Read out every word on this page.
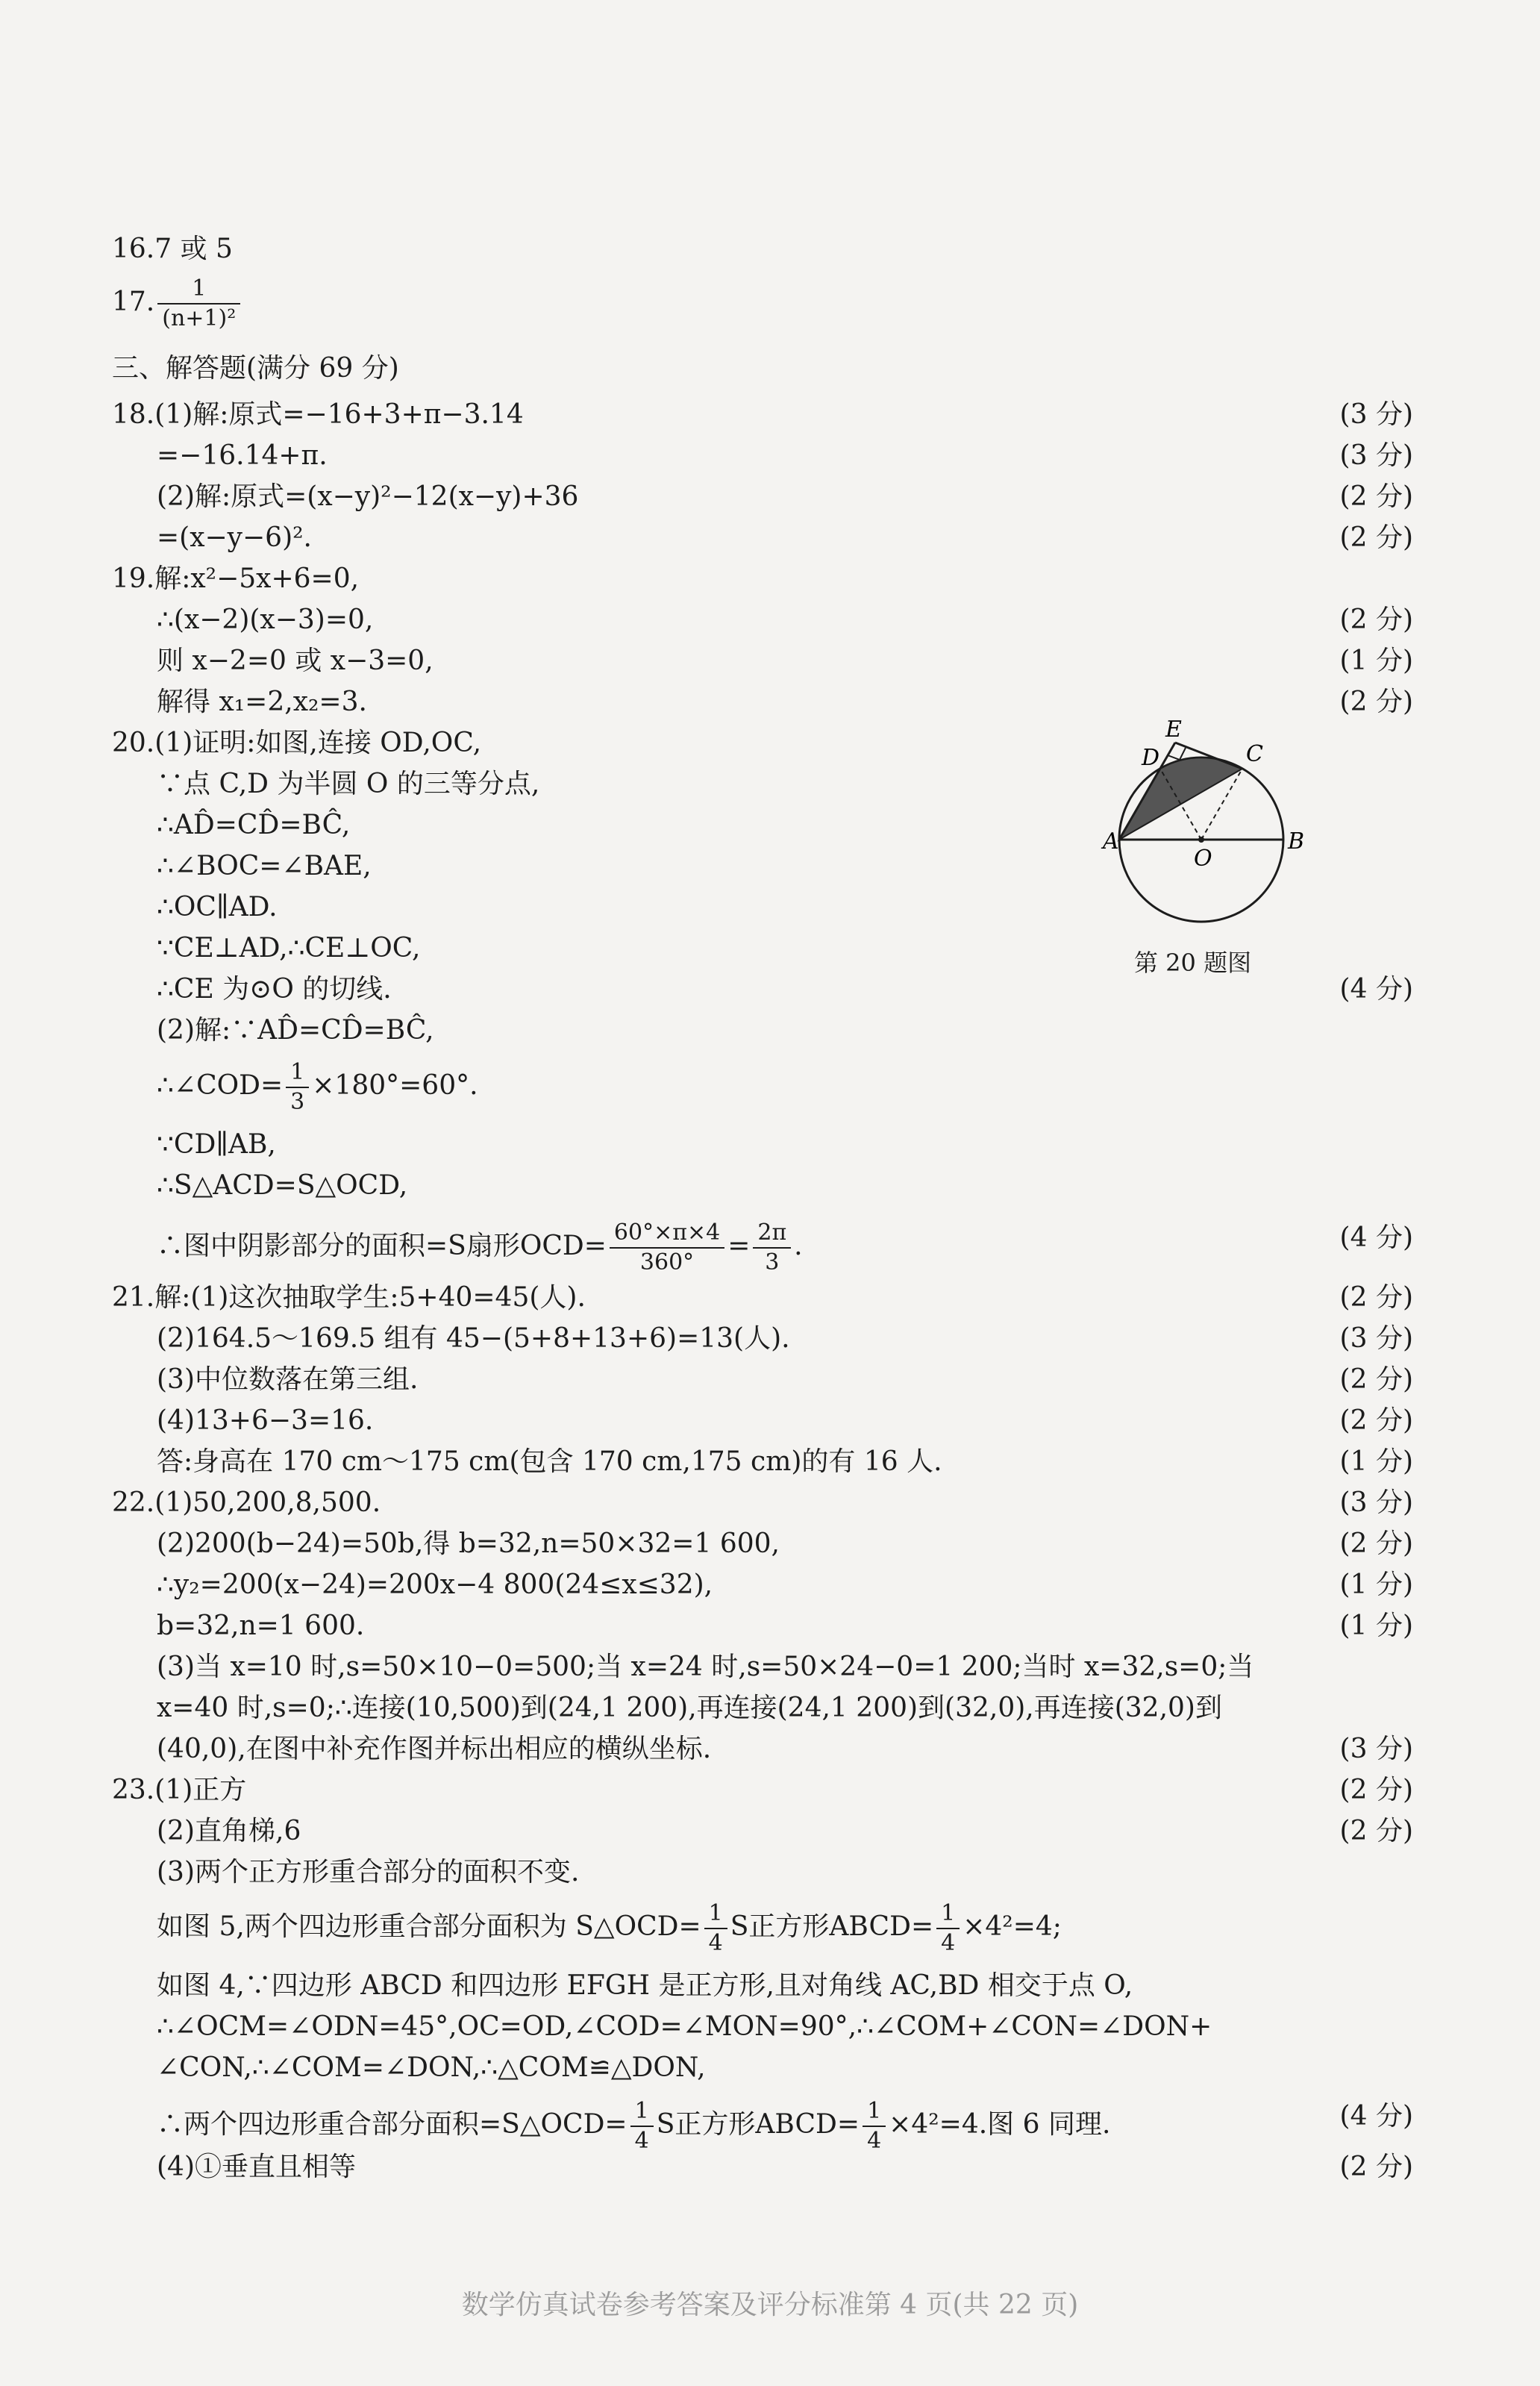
16.7 或 5
17. $\frac{1}{\text{(n+1)²}}$
三、解答题(满分 69 分)
18.(1)解:原式=−16+3+π−3.14	(3 分)
=−16.14+π.	(3 分)
(2)解:原式=(x−y)²−12(x−y)+36	(2 分)
=(x−y−6)².	(2 分)
19.解:x²−5x+6=0,
∴(x−2)(x−3)=0,	(2 分)
则 x−2=0 或 x−3=0,	(1 分)
解得 x₁=2,x₂=3.	(2 分)
20.(1)证明:如图,连接 OD,OC,
∵点 C,D 为半圆 O 的三等分点,
∴AD̂=CD̂=BĈ,
∴∠BOC=∠BAE,
∴OC∥AD.
∵CE⊥AD,∴CE⊥OC,
∴CE 为⊙O 的切线.	(4 分)
(2)解:∵AD̂=CD̂=BĈ,
∴∠COD= $\frac{1}{3} \times 180^\circ=60^\circ$.
∵CD∥AB,
∴S△ACD=S△OCD,
∴图中阴影部分的面积=S扇形$OCD= \frac{60^\circ\times\pi\times 4}{360^\circ} = \frac{2\pi}{3}$ .	(4 分)
21.解:(1)这次抽取学生:5+40=45(人).	(2 分)
(2)164.5～169.5 组有 45−(5+8+13+6)=13(人).	(3 分)
(3)中位数落在第三组.	(2 分)
(4)13+6−3=16.	(2 分)
答:身高在 170 cm～175 cm(包含 170 cm,175 cm)的有 16 人.	(1 分)
22.(1)50,200,8,500.	(3 分)
(2)200(b−24)=50b,得 b=32,n=50×32=1 600,	(2 分)
∴y₂=200(x−24)=200x−4 800(24≤x≤32),	(1 分)
b=32,n=1 600.	(1 分)
(3)当 x=10 时,s=50×10−0=500;当 x=24 时,s=50×24−0=1 200;当时 x=32,s=0;当
x=40 时,s=0;∴连接(10,500)到(24,1 200),再连接(24,1 200)到(32,0),再连接(32,0)到
(40,0),在图中补充作图并标出相应的横纵坐标.	(3 分)
23.(1)正方	(2 分)
(2)直角梯,6	(2 分)
(3)两个正方形重合部分的面积不变.
如图 5,两个四边形重合部分面积为 S△OCD= $\frac{1}{4}$ S正方形ABCD= $\frac{1}{4} \times 4^2=4$;
如图 4,∵四边形 ABCD 和四边形 EFGH 是正方形,且对角线 AC,BD 相交于点 O,
∴∠OCM=∠ODN=45°,OC=OD,∠COD=∠MON=90°,∴∠COM+∠CON=∠DON+
∠CON,∴∠COM=∠DON,∴△COM≌△DON,
∴两个四边形重合部分面积=S△OCD= $\frac{1}{4}$ S正方形ABCD= $\frac{1}{4} \times 4^2=4$.图 6 同理.	(4 分)
(4)①垂直且相等	(2 分)
A	B
C
D
E
O
第 20 题图
数学仿真试卷参考答案及评分标准第 4 页(共 22 页)
